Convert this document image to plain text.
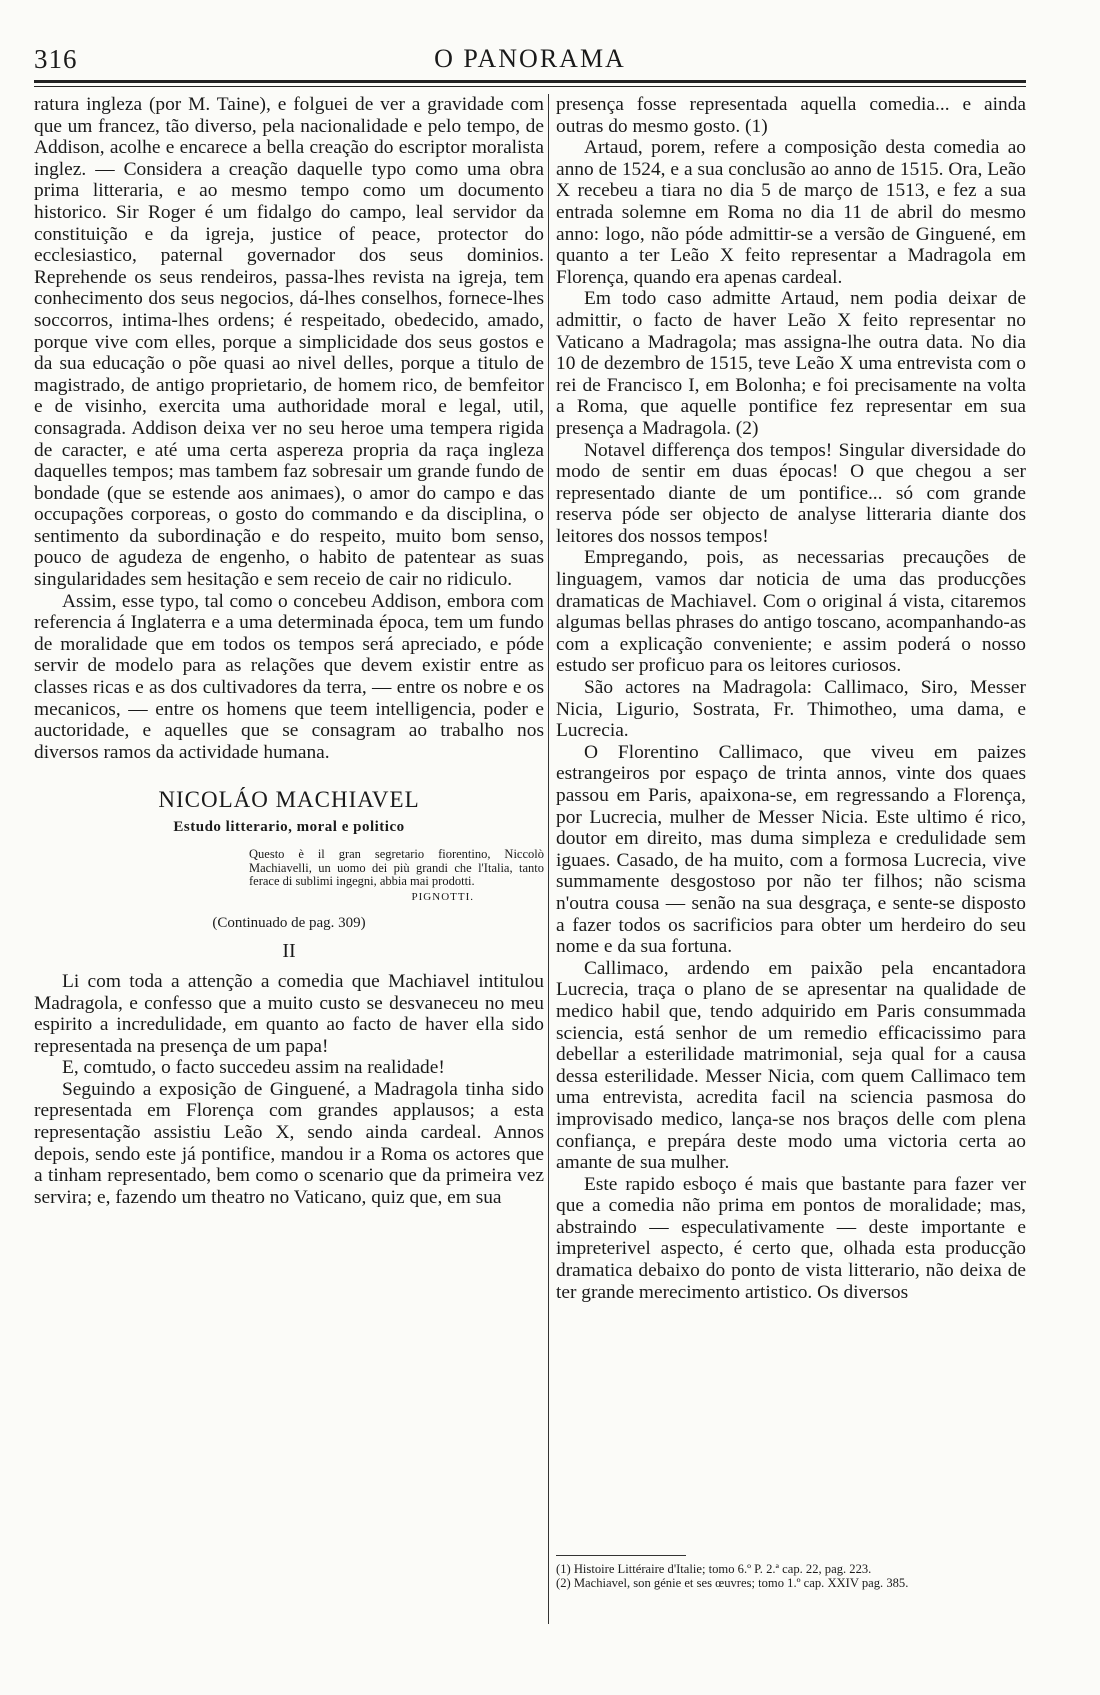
316	O PANORAMA

ratura ingleza (por M. Taine), e folguei de ver a gravidade com que um francez, tão diverso, pela nacionalidade e pelo tempo, de Addison, acolhe e encarece a bella creação do escriptor moralista inglez. — Considera a creação daquelle typo como uma obra prima litteraria, e ao mesmo tempo como um documento historico. Sir Roger é um fidalgo do campo, leal servidor da constituição e da igreja, justice of peace, protector do ecclesiastico, paternal governador dos seus dominios. Reprehende os seus rendeiros, passa-lhes revista na igreja, tem conhecimento dos seus negocios, dá-lhes conselhos, fornece-lhes soccorros, intima-lhes ordens; é respeitado, obedecido, amado, porque vive com elles, porque a simplicidade dos seus gostos e da sua educação o põe quasi ao nivel delles, porque a titulo de magistrado, de antigo proprietario, de homem rico, de bemfeitor e de visinho, exercita uma authoridade moral e legal, util, consagrada. Addison deixa ver no seu heroe uma tempera rigida de caracter, e até uma certa aspereza propria da raça ingleza daquelles tempos; mas tambem faz sobresair um grande fundo de bondade (que se estende aos animaes), o amor do campo e das occupações corporeas, o gosto do commando e da disciplina, o sentimento da subordinação e do respeito, muito bom senso, pouco de agudeza de engenho, o habito de patentear as suas singularidades sem hesitação e sem receio de cair no ridiculo.

Assim, esse typo, tal como o concebeu Addison, embora com referencia á Inglaterra e a uma determinada época, tem um fundo de moralidade que em todos os tempos será apreciado, e póde servir de modelo para as relações que devem existir entre as classes ricas e as dos cultivadores da terra, — entre os nobre e os mecanicos, — entre os homens que teem intelligencia, poder e auctoridade, e aquelles que se consagram ao trabalho nos diversos ramos da actividade humana.

NICOLÁO MACHIAVEL
Estudo litterario, moral e politico
Questo è il gran segretario fiorentino, Niccolò Machiavelli, un uomo dei più grandi che l'Italia, tanto ferace di sublimi ingegni, abbia mai prodotti.
PIGNOTTI.
(Continuado de pag. 309)
II

Li com toda a attenção a comedia que Machiavel intitulou Madragola, e confesso que a muito custo se desvaneceu no meu espirito a incredulidade, em quanto ao facto de haver ella sido representada na presença de um papa!

E, comtudo, o facto succedeu assim na realidade!

Seguindo a exposição de Ginguené, a Madragola tinha sido representada em Florença com grandes applausos; a esta representação assistiu Leão X, sendo ainda cardeal. Annos depois, sendo este já pontifice, mandou ir a Roma os actores que a tinham representado, bem como o scenario que da primeira vez servira; e, fazendo um theatro no Vaticano, quiz que, em sua

presença fosse representada aquella comedia... e ainda outras do mesmo gosto. (1)

Artaud, porem, refere a composição desta comedia ao anno de 1524, e a sua conclusão ao anno de 1515. Ora, Leão X recebeu a tiara no dia 5 de março de 1513, e fez a sua entrada solemne em Roma no dia 11 de abril do mesmo anno: logo, não póde admittir-se a versão de Ginguené, em quanto a ter Leão X feito representar a Madragola em Florença, quando era apenas cardeal.

Em todo caso admitte Artaud, nem podia deixar de admittir, o facto de haver Leão X feito representar no Vaticano a Madragola; mas assigna-lhe outra data. No dia 10 de dezembro de 1515, teve Leão X uma entrevista com o rei de Francisco I, em Bolonha; e foi precisamente na volta a Roma, que aquelle pontifice fez representar em sua presença a Madragola. (2)

Notavel differença dos tempos! Singular diversidade do modo de sentir em duas épocas! O que chegou a ser representado diante de um pontifice... só com grande reserva póde ser objecto de analyse litteraria diante dos leitores dos nossos tempos!

Empregando, pois, as necessarias precauções de linguagem, vamos dar noticia de uma das producções dramaticas de Machiavel. Com o original á vista, citaremos algumas bellas phrases do antigo toscano, acompanhando-as com a explicação conveniente; e assim poderá o nosso estudo ser proficuo para os leitores curiosos.

São actores na Madragola: Callimaco, Siro, Messer Nicia, Ligurio, Sostrata, Fr. Thimotheo, uma dama, e Lucrecia.

O Florentino Callimaco, que viveu em paizes estrangeiros por espaço de trinta annos, vinte dos quaes passou em Paris, apaixona-se, em regressando a Florença, por Lucrecia, mulher de Messer Nicia. Este ultimo é rico, doutor em direito, mas duma simpleza e credulidade sem iguaes. Casado, de ha muito, com a formosa Lucrecia, vive summamente desgostoso por não ter filhos; não scisma n'outra cousa — senão na sua desgraça, e sente-se disposto a fazer todos os sacrificios para obter um herdeiro do seu nome e da sua fortuna.

Callimaco, ardendo em paixão pela encantadora Lucrecia, traça o plano de se apresentar na qualidade de medico habil que, tendo adquirido em Paris consummada sciencia, está senhor de um remedio efficacissimo para debellar a esterilidade matrimonial, seja qual for a causa dessa esterilidade. Messer Nicia, com quem Callimaco tem uma entrevista, acredita facil na sciencia pasmosa do improvisado medico, lança-se nos braços delle com plena confiança, e prepára deste modo uma victoria certa ao amante de sua mulher.

Este rapido esboço é mais que bastante para fazer ver que a comedia não prima em pontos de moralidade; mas, abstraindo — especulativamente — deste importante e impreterivel aspecto, é certo que, olhada esta producção dramatica debaixo do ponto de vista litterario, não deixa de ter grande merecimento artistico. Os diversos

(1) Histoire Littéraire d'Italie; tomo 6.º P. 2.ª cap. 22, pag. 223.
(2) Machiavel, son génie et ses œuvres; tomo 1.º cap. XXIV pag. 385.
